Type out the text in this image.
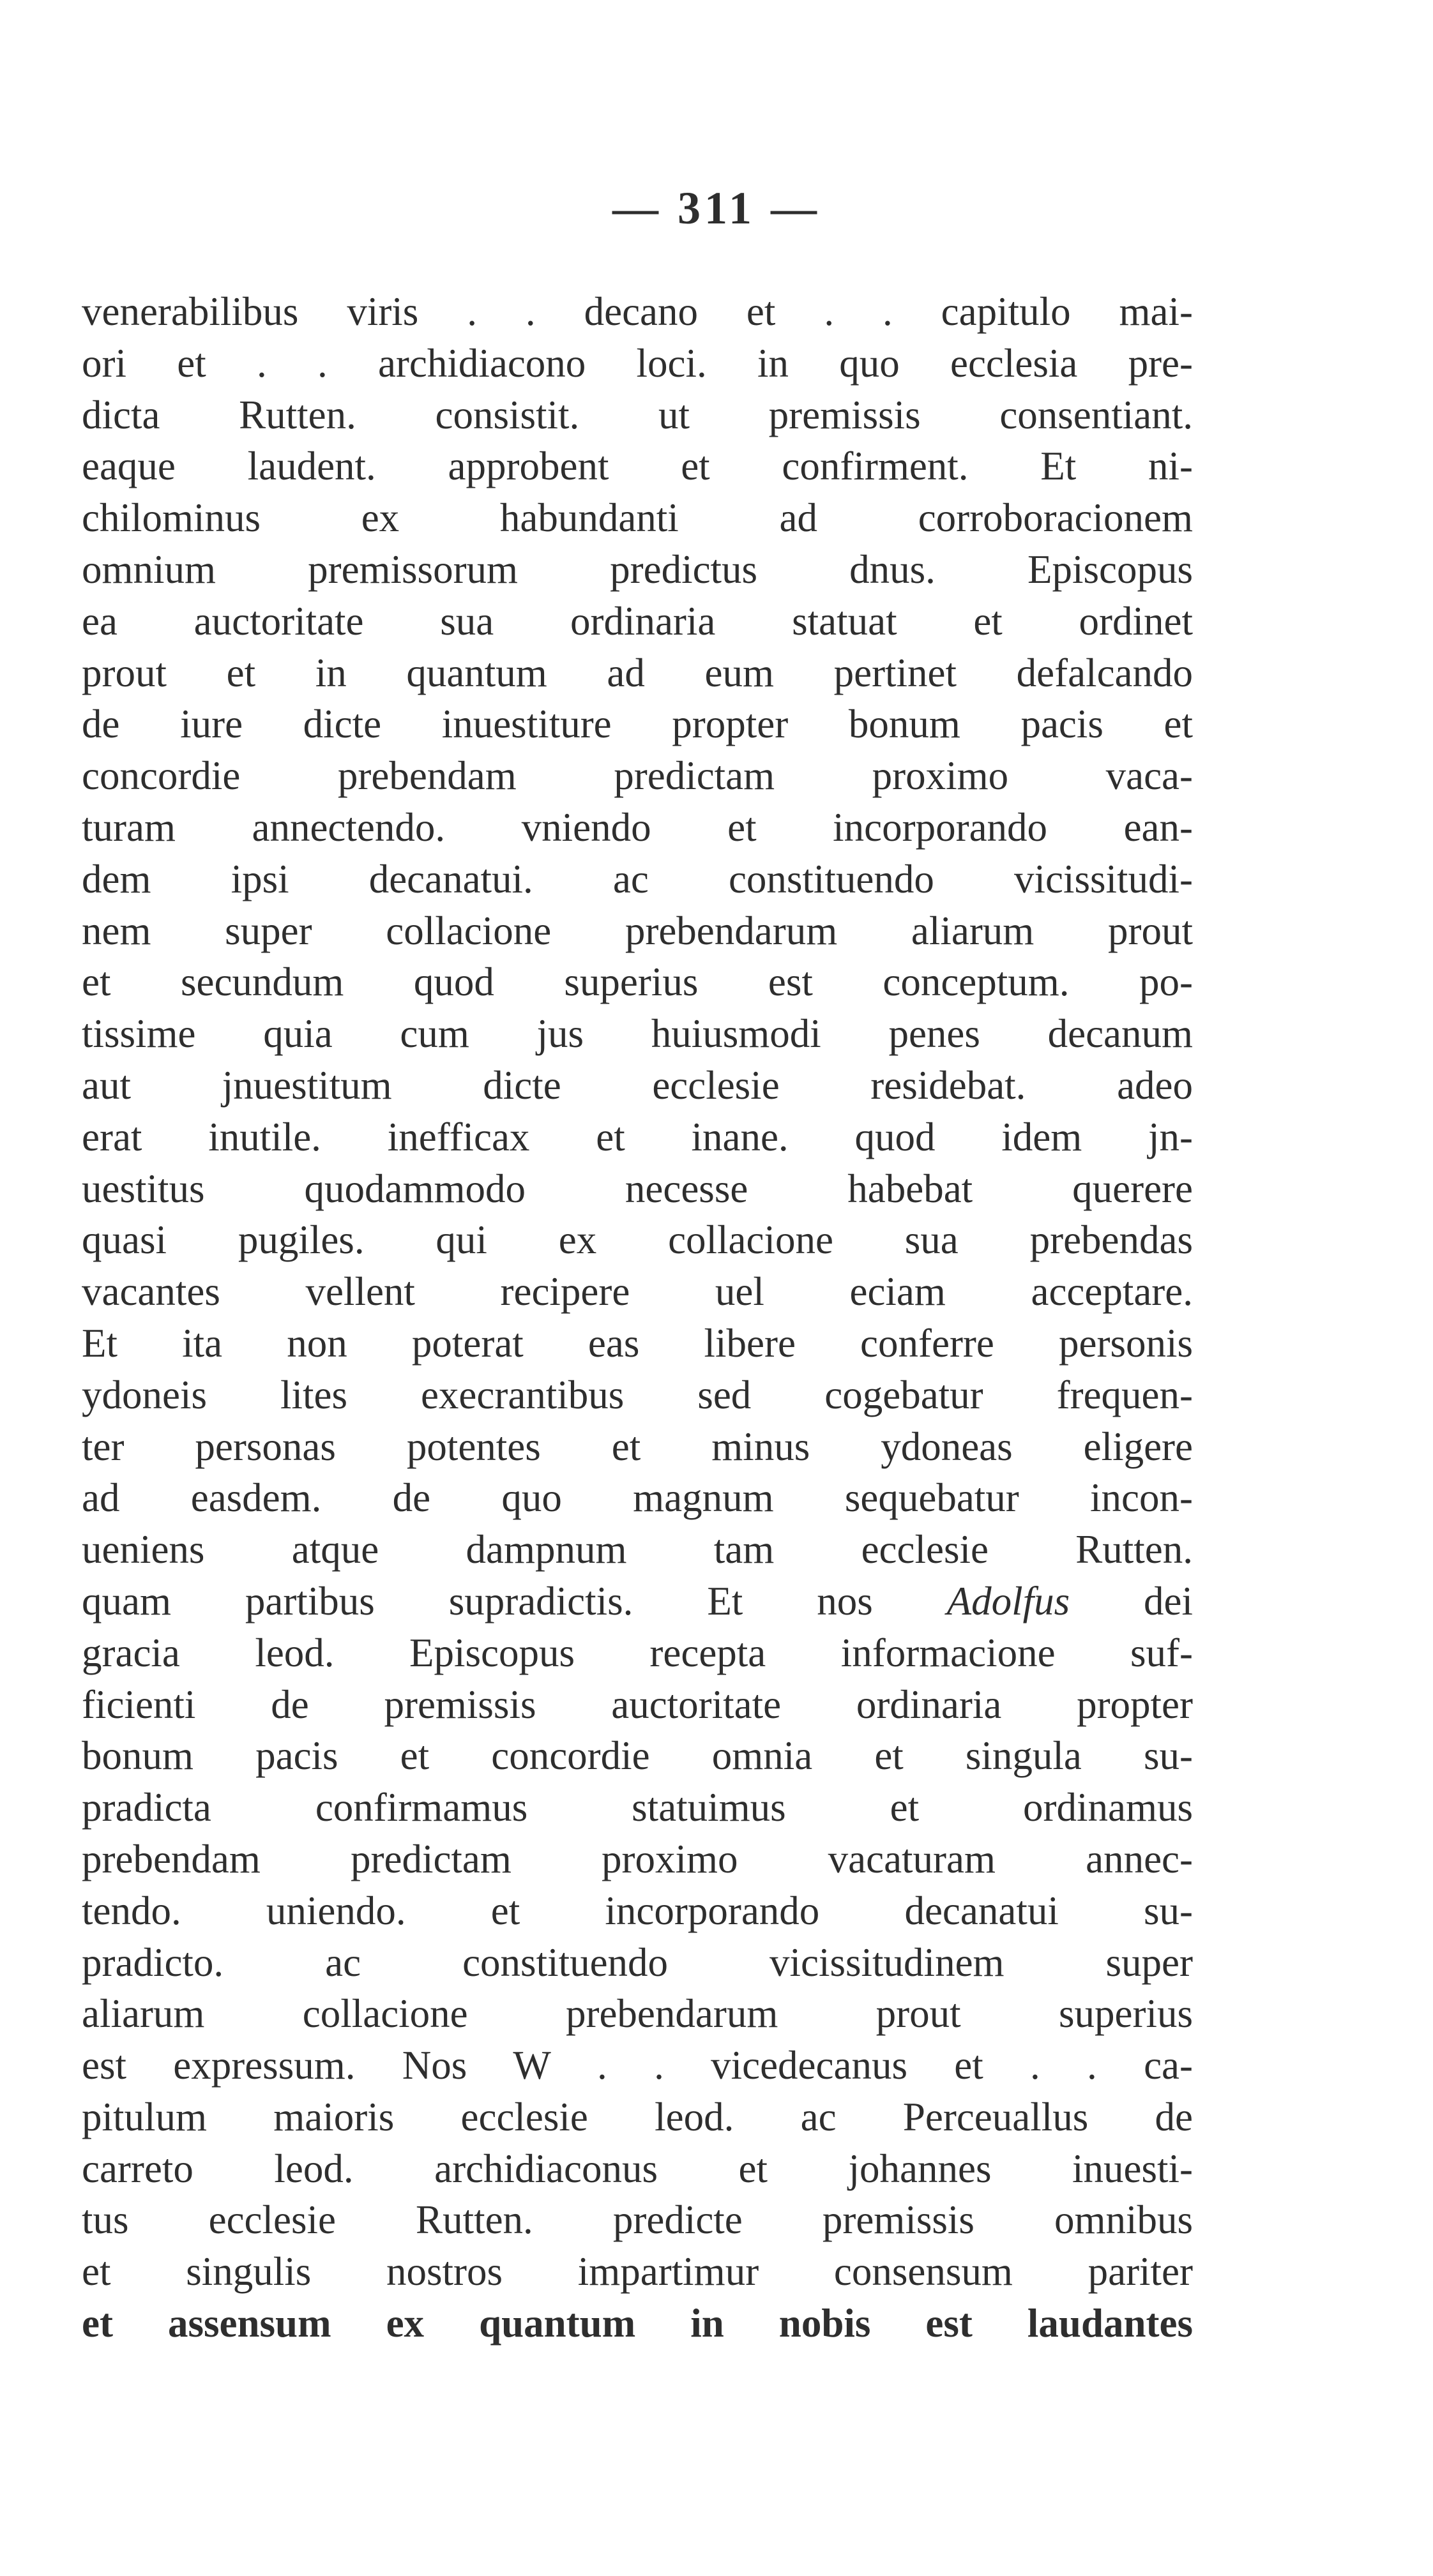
— 311 —
venerabilibus viris . . decano et . . capitulo mai-
ori et . . archidiacono loci. in quo ecclesia pre-
dicta Rutten. consistit. ut premissis consentiant.
eaque laudent. approbent et confirment. Et ni-
chilominus ex habundanti ad corroboracionem
omnium premissorum predictus dnus. Episcopus
ea auctoritate sua ordinaria statuat et ordinet
prout et in quantum ad eum pertinet defalcando
de iure dicte inuestiture propter bonum pacis et
concordie prebendam predictam proximo vaca-
turam annectendo. vniendo et incorporando ean-
dem ipsi decanatui. ac constituendo vicissitudi-
nem super collacione prebendarum aliarum prout
et secundum quod superius est conceptum. po-
tissime quia cum jus huiusmodi penes decanum
aut jnuestitum dicte ecclesie residebat. adeo
erat inutile. inefficax et inane. quod idem jn-
uestitus quodammodo necesse habebat querere
quasi pugiles. qui ex collacione sua prebendas
vacantes vellent recipere uel eciam acceptare.
Et ita non poterat eas libere conferre personis
ydoneis lites execrantibus sed cogebatur frequen-
ter personas potentes et minus ydoneas eligere
ad easdem. de quo magnum sequebatur incon-
ueniens atque dampnum tam ecclesie Rutten.
quam partibus supradictis. Et nos Adolfus dei
gracia leod. Episcopus recepta informacione suf-
ficienti de premissis auctoritate ordinaria propter
bonum pacis et concordie omnia et singula su-
pradicta confirmamus statuimus et ordinamus
prebendam predictam proximo vacaturam annec-
tendo. uniendo. et incorporando decanatui su-
pradicto. ac constituendo vicissitudinem super
aliarum collacione prebendarum prout superius
est expressum. Nos W . . vicedecanus et . . ca-
pitulum maioris ecclesie leod. ac Perceuallus de
carreto leod. archidiaconus et johannes inuesti-
tus ecclesie Rutten. predicte premissis omnibus
et singulis nostros impartimur consensum pariter
et assensum ex quantum in nobis est laudantes
